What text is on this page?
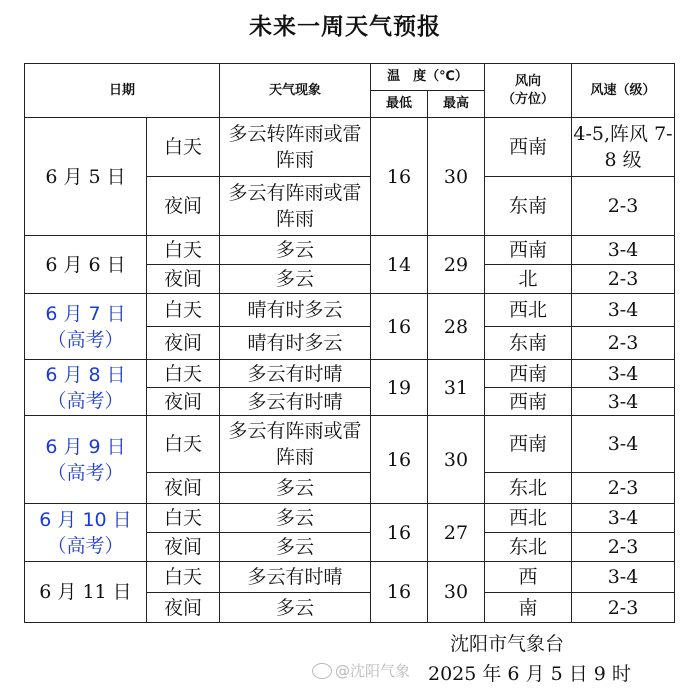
未来一周天气预报
日期		天气现象	温　度（℃）		风向
（方位）	风速（级）
			最低	最高		
6 月 5 日	白天	多云转阵雨或雷阵雨	16	30	西南	4-5,阵风 7-8 级
	夜间	多云有阵雨或雷阵雨			东南	2-3
6 月 6 日	白天	多云	14	29	西南	3-4
	夜间	多云			北	2-3

6 月 7 日
（高考）	白天	晴有时多云	16	28	西北	3-4
	夜间	晴有时多云			东南	2-3

6 月 8 日
（高考）	白天	多云有时晴	19	31	西南	3-4
	夜间	多云有时晴			西南	3-4

6 月 9 日
（高考）	白天	多云有阵雨或雷阵雨	16	30	西南	3-4
	夜间	多云			东北	2-3

6 月 10 日
（高考）	白天	多云	16	27	西北	3-4
	夜间	多云			东北	2-3
6 月 11 日	白天	多云有时晴	16	30	西	3-4
	夜间	多云			南	2-3
沈阳市气象台
2025 年 6 月 5 日 9 时
@沈阳气象
